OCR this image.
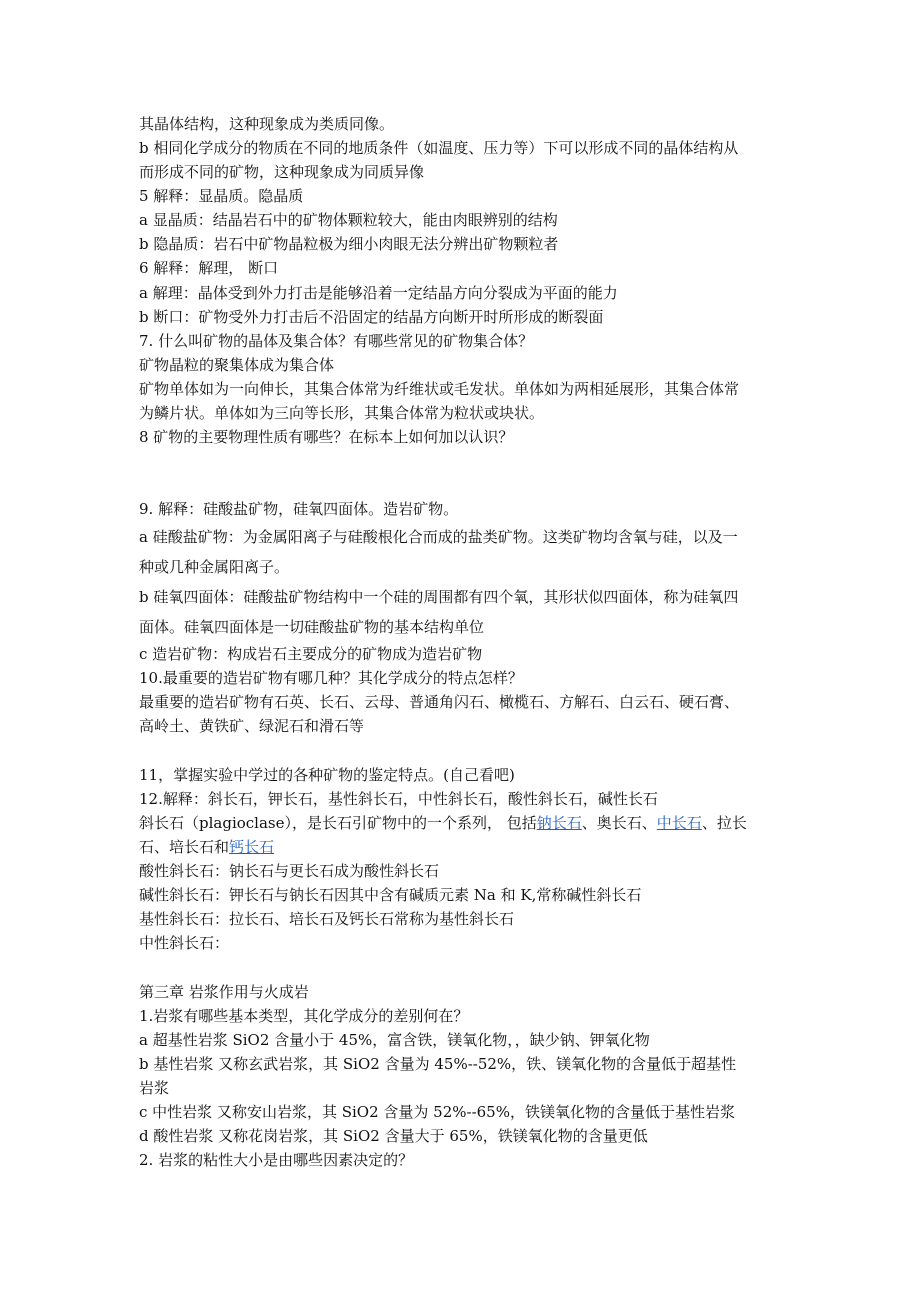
其晶体结构，这种现象成为类质同像。
b 相同化学成分的物质在不同的地质条件（如温度、压力等）下可以形成不同的晶体结构从
而形成不同的矿物，这种现象成为同质异像
5 解释：显晶质。隐晶质
a 显晶质：结晶岩石中的矿物体颗粒较大，能由肉眼辨别的结构
b 隐晶质：岩石中矿物晶粒极为细小肉眼无法分辨出矿物颗粒者
6 解释：解理， 断口
a 解理：晶体受到外力打击是能够沿着一定结晶方向分裂成为平面的能力
b 断口：矿物受外力打击后不沿固定的结晶方向断开时所形成的断裂面
7. 什么叫矿物的晶体及集合体？有哪些常见的矿物集合体？
矿物晶粒的聚集体成为集合体
矿物单体如为一向伸长，其集合体常为纤维状或毛发状。单体如为两相延展形，其集合体常
为鳞片状。单体如为三向等长形，其集合体常为粒状或块状。
8 矿物的主要物理性质有哪些？在标本上如何加以认识？
9. 解释：硅酸盐矿物，硅氧四面体。造岩矿物。
a 硅酸盐矿物：为金属阳离子与硅酸根化合而成的盐类矿物。这类矿物均含氧与硅，以及一
种或几种金属阳离子。
b 硅氧四面体：硅酸盐矿物结构中一个硅的周围都有四个氧，其形状似四面体，称为硅氧四
面体。硅氧四面体是一切硅酸盐矿物的基本结构单位
c 造岩矿物：构成岩石主要成分的矿物成为造岩矿物
10.最重要的造岩矿物有哪几种？其化学成分的特点怎样？
最重要的造岩矿物有石英、长石、云母、普通角闪石、橄榄石、方解石、白云石、硬石膏、
高岭土、黄铁矿、绿泥石和滑石等
11，掌握实验中学过的各种矿物的鉴定特点。(自己看吧)
12.解释：斜长石，钾长石，基性斜长石，中性斜长石，酸性斜长石，碱性长石
斜长石（plagioclase），是长石引矿物中的一个系列， 包括钠长石、奥长石、中长石、拉长
石、培长石和钙长石
酸性斜长石：钠长石与更长石成为酸性斜长石
碱性斜长石：钾长石与钠长石因其中含有碱质元素 Na 和 K,常称碱性斜长石
基性斜长石：拉长石、培长石及钙长石常称为基性斜长石
中性斜长石：
第三章 岩浆作用与火成岩
1.岩浆有哪些基本类型，其化学成分的差别何在？
a 超基性岩浆 SiO2 含量小于 45%，富含铁，镁氧化物，，缺少钠、钾氧化物
b 基性岩浆 又称玄武岩浆，其 SiO2 含量为 45%--52%，铁、镁氧化物的含量低于超基性
岩浆
c 中性岩浆 又称安山岩浆，其 SiO2 含量为 52%--65%，铁镁氧化物的含量低于基性岩浆
d 酸性岩浆 又称花岗岩浆，其 SiO2 含量大于 65%，铁镁氧化物的含量更低
2. 岩浆的粘性大小是由哪些因素决定的？
